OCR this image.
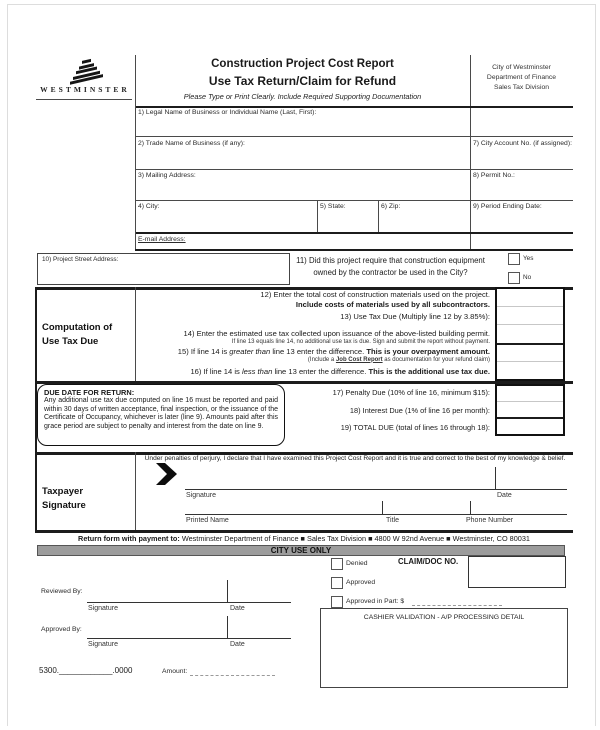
WESTMINSTER
Construction Project Cost Report
Use Tax Return/Claim for Refund
Please Type or Print Clearly. Include Required Supporting Documentation
City of Westminster
Department of Finance
Sales Tax Division
1) Legal Name of Business or Individual Name (Last, First):
2) Trade Name of Business (if any):	7) City Account No. (if assigned):
3) Mailing Address:	8) Permit No.:
4) City:	5) State:	6) Zip:	9) Period Ending Date:
E-mail Address:
10) Project Street Address:	11) Did this project require that construction equipment
owned by the contractor be used in the City?
Yes
No
Computation of
Use Tax Due
12) Enter the total cost of construction materials used on the project.
Include costs of materials used by all subcontractors.
13) Use Tax Due (Multiply line 12 by 3.85%):
14) Enter the estimated use tax collected upon issuance of the above-listed building permit.
If line 13 equals line 14, no additional use tax is due. Sign and submit the report without payment.
15) If line 14 is greater than line 13 enter the difference. This is your overpayment amount.
(Include a Job Cost Report as documentation for your refund claim)
16) If line 14 is less than line 13 enter the difference. This is the additional use tax due.
DUE DATE FOR RETURN:
Any additional use tax due computed on line 16 must be reported and paid within 30 days of written acceptance, final inspection, or the issuance of the Certificate of Occupancy, whichever is later (line 9). Amounts paid after this grace period are subject to penalty and interest from the date on line 9.
17) Penalty Due (10% of line 16, minimum $15):
18) Interest Due (1% of line 16 per month):
19) TOTAL DUE (total of lines 16 through 18):
Taxpayer
Signature
Under penalties of perjury, I declare that I have examined this Project Cost Report and it is true and correct to the best of my knowledge & belief.
Signature	Date
Printed Name	Title	Phone Number
Return form with payment to: Westminster Department of Finance ■ Sales Tax Division ■ 4800 W 92nd Avenue ■ Westminster, CO 80031
CITY USE ONLY
Denied
Approved
Approved in Part: $
CLAIM/DOC NO.
Reviewed By:
Signature	Date
Approved By:
Signature	Date
CASHIER VALIDATION - A/P PROCESSING DETAIL
5300.____________.0000	Amount:
